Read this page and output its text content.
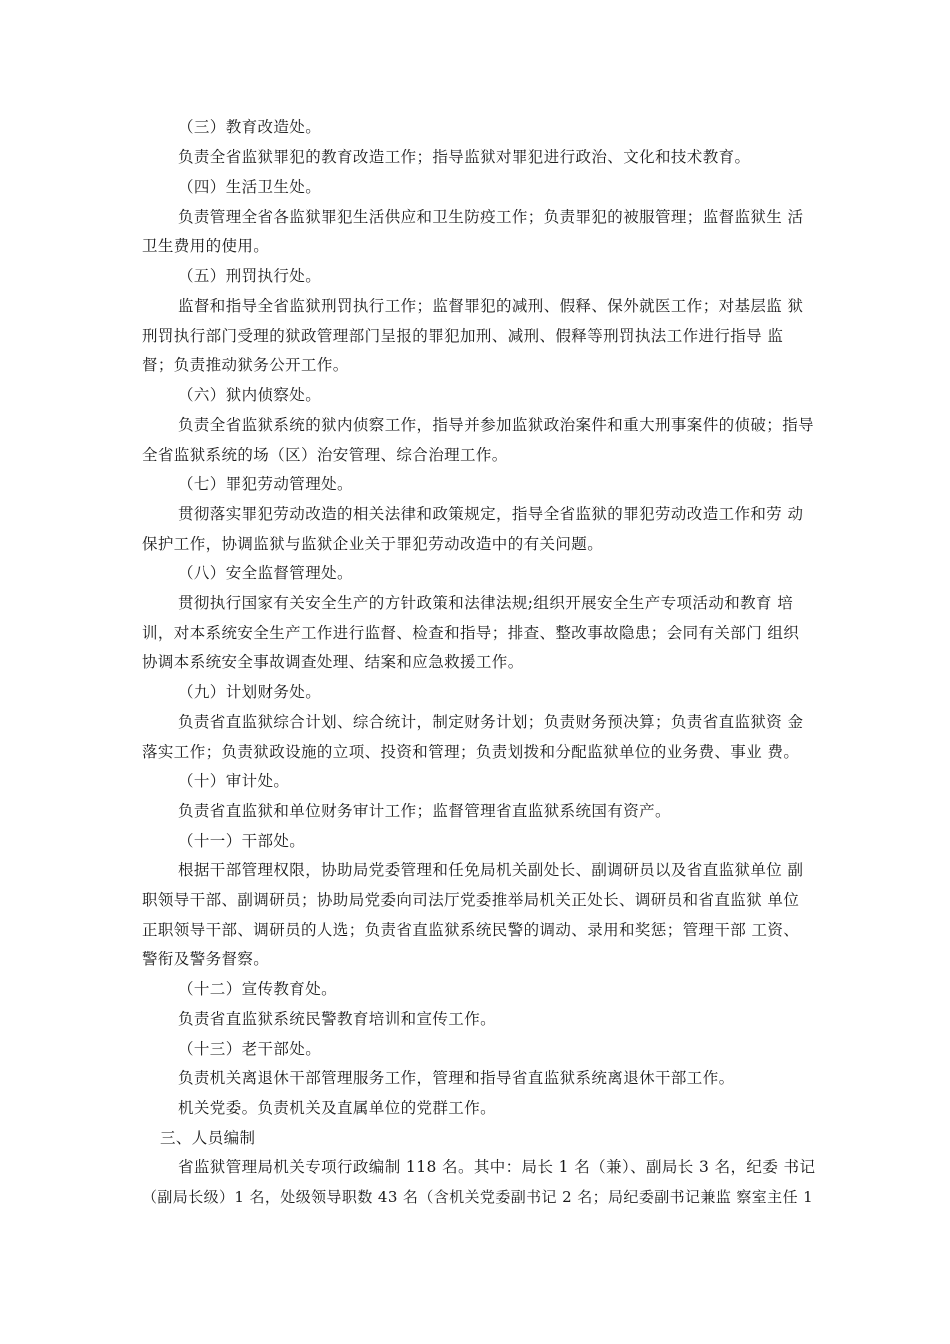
（三）教育改造处。
负责全省监狱罪犯的教育改造工作；指导监狱对罪犯进行政治、文化和技术教育。
（四）生活卫生处。
负责管理全省各监狱罪犯生活供应和卫生防疫工作；负责罪犯的被服管理；监督监狱生 活
卫生费用的使用。
（五）刑罚执行处。
监督和指导全省监狱刑罚执行工作；监督罪犯的减刑、假释、保外就医工作；对基层监 狱
刑罚执行部门受理的狱政管理部门呈报的罪犯加刑、减刑、假释等刑罚执法工作进行指导 监
督；负责推动狱务公开工作。
（六）狱内侦察处。
负责全省监狱系统的狱内侦察工作，指导并参加监狱政治案件和重大刑事案件的侦破；指导
全省监狱系统的场（区）治安管理、综合治理工作。
（七）罪犯劳动管理处。
贯彻落实罪犯劳动改造的相关法律和政策规定，指导全省监狱的罪犯劳动改造工作和劳 动
保护工作，协调监狱与监狱企业关于罪犯劳动改造中的有关问题。
（八）安全监督管理处。
贯彻执行国家有关安全生产的方针政策和法律法规;组织开展安全生产专项活动和教育 培
训，对本系统安全生产工作进行监督、检查和指导；排查、整改事故隐患；会同有关部门 组织
协调本系统安全事故调查处理、结案和应急救援工作。
（九）计划财务处。
负责省直监狱综合计划、综合统计，制定财务计划；负责财务预决算；负责省直监狱资 金
落实工作；负责狱政设施的立项、投资和管理；负责划拨和分配监狱单位的业务费、事业 费。
（十）审计处。
负责省直监狱和单位财务审计工作；监督管理省直监狱系统国有资产。
（十一）干部处。
根据干部管理权限，协助局党委管理和任免局机关副处长、副调研员以及省直监狱单位 副
职领导干部、副调研员；协助局党委向司法厅党委推举局机关正处长、调研员和省直监狱 单位
正职领导干部、调研员的人选；负责省直监狱系统民警的调动、录用和奖惩；管理干部 工资、
警衔及警务督察。
（十二）宣传教育处。
负责省直监狱系统民警教育培训和宣传工作。
（十三）老干部处。
负责机关离退休干部管理服务工作，管理和指导省直监狱系统离退休干部工作。
机关党委。负责机关及直属单位的党群工作。
三、人员编制
省监狱管理局机关专项行政编制 118 名。其中：局长 1 名（兼）、副局长 3 名，纪委 书记
（副局长级）1 名，处级领导职数 43 名（含机关党委副书记 2 名；局纪委副书记兼监 察室主任 1
